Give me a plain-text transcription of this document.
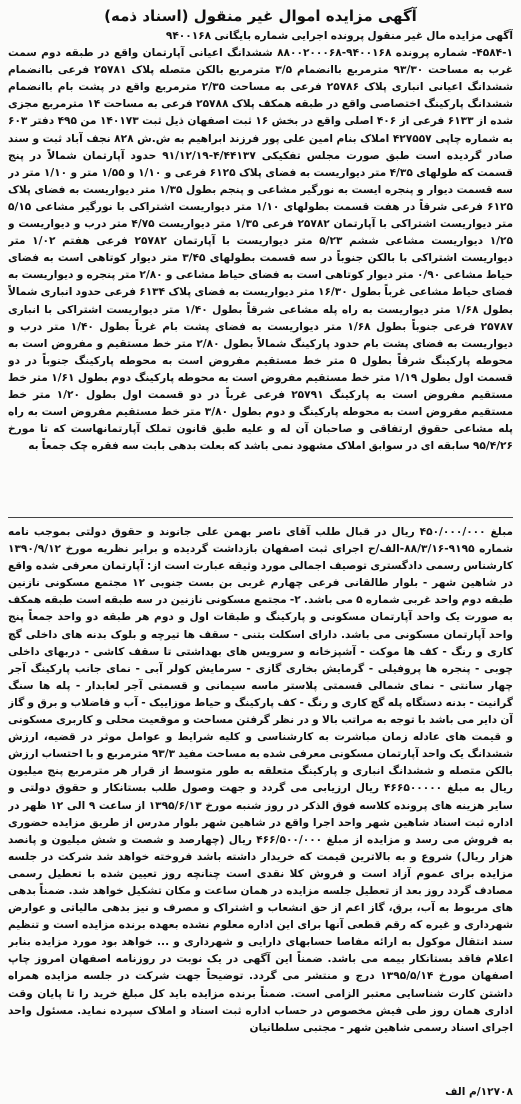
آگهی مزایده اموال غیر منقول (اسناد ذمه)
آگهی مزایده مال غیر منقول پرونده اجرایی شماره بایگانی ۹۴۰۰۱۶۸
۴۵۸۴-۱- شماره پرونده ۹۴۰۰۱۶۸-۸۸۰۰۲۰۰۰۶۸ ششدانگ اعیانی آپارتمان واقع در طبقه دوم سمت غرب به مساحت ۹۳/۳۰ مترمربع باانضمام ۳/۵ مترمربع بالکن متصله پلاک ۲۵۷۸۱ فرعی باانضمام ششدانگ اعیانی انباری پلاک ۲۵۷۸۶ فرعی به مساحت ۲/۳۵ مترمربع واقع در پشت بام باانضمام ششدانگ پارکینگ اختصاصی واقع در طبقه همکف پلاک ۲۵۷۸۸ فرعی به مساحت ۱۴ مترمربع مجزی شده از ۶۱۳۳ فرعی از ۴۰۶ اصلی واقع در بخش ۱۶ ثبت اصفهان ذیل ثبت ۱۴۰۱۷۳ من ۴۹۵ دفتر ۶۰۳ به شماره چاپی ۴۲۷۵۵۷ املاک بنام امین علی پور فرزند ابراهیم به ش.ش ۸۲۸ نجف آباد ثبت و سند صادر گردیده است طبق صورت مجلس تفکیکی ۴/۴۴۱۳۷-۹۱/۱۲/۱۹ حدود آپارتمان شمالاً در پنج قسمت که طولهای ۴/۳۵ متر دیواریست به فضای پلاک ۶۱۲۵ فرعی و ۱/۱۰ و ۱/۵۵ متر و ۱/۱۰ متر در سه قسمت دیوار و پنجره ایست به نورگیر مشاعی و پنجم بطول ۱/۳۵ متر دیواریست به فضای پلاک ۶۱۲۵ فرعی شرقاً در هفت قسمت بطولهای ۱/۱۰ متر دیواریست اشتراکی با نورگیر مشاعی ۵/۱۵ متر دیواریست اشتراکی با آپارتمان ۲۵۷۸۲ فرعی ۱/۳۵ متر دیواریست ۴/۷۵ متر درب و دیواریست و ۱/۲۵ دیواریست مشاعی ششم ۵/۲۳ متر دیواریست با آپارتمان ۲۵۷۸۲ فرعی هفتم ۱/۰۲ متر دیواریست اشتراکی با بالکن جنوباً در سه قسمت بطولهای ۳/۴۵ متر دیوار کوتاهی است به فضای حیاط مشاعی ۰/۹۰ متر دیوار کوتاهی است به فضای حیاط مشاعی و ۲/۸۰ متر پنجره و دیواریست به فضای حیاط مشاعی غرباً بطول ۱۶/۳۰ متر دیواریست به فضای پلاک ۶۱۳۴ فرعی حدود انباری شمالاً بطول ۱/۶۸ متر دیواریست به راه پله مشاعی شرقاً بطول ۱/۴۰ متر دیواریست اشتراکی با انباری ۲۵۷۸۷ فرعی جنوباً بطول ۱/۶۸ متر دیواریست به فضای پشت بام غرباً بطول ۱/۴۰ متر درب و دیواریست به فضای پشت بام حدود پارکینگ شمالاً بطول ۲/۸۰ متر خط مستقیم و مفروض است به محوطه پارکینگ شرقاً بطول ۵ متر خط مستقیم مفروض است به محوطه پارکینگ جنوباً در دو قسمت اول بطول ۱/۱۹ متر خط مستقیم مفروض است به محوطه پارکینگ دوم بطول ۱/۶۱ متر خط مستقیم مفروض است به پارکینگ ۲۵۷۹۱ فرعی غرباً در دو قسمت اول بطول ۱/۲۰ متر خط مستقیم مفروض است به محوطه پارکینگ و دوم بطول ۳/۸۰ متر خط مستقیم مفروض است به راه پله مشاعی حقوق ارتفاقی و صاحبان آن له و علیه طبق قانون تملک آپارتمانهاست که تا مورخ ۹۵/۴/۲۶ سابقه ای در سوابق املاک مشهود نمی باشد که بعلت بدهی بابت سه فقره چک جمعاً به
مبلغ ۴۵۰/۰۰۰/۰۰۰ ریال در قبال طلب آقای ناصر بهمن علی جانوند و حقوق دولتی بموجب نامه شماره ۹۱۹۵-۸۸/۳/۱۶-الف/ح اجرای ثبت اصفهان بازداشت گردیده و برابر نظریه مورخ ۱۳۹۰/۹/۱۲ کارشناس رسمی دادگستری توصیف اجمالی مورد وثیقه عبارت است از: آپارتمان معرفی شده واقع در شاهین شهر - بلوار طالقانی فرعی چهارم غربی بن بست جنوبی ۱۲ مجتمع مسکونی نازنین طبقه دوم واحد غربی شماره ۵ می باشد. ۲- مجتمع مسکونی نازنین در سه طبقه است طبقه همکف به صورت یک واحد آپارتمان مسکونی و پارکینگ و طبقات اول و دوم هر طبقه دو واحد جمعاً پنج واحد آپارتمان مسکونی می باشد. دارای اسکلت بتنی - سقف ها تیرچه و بلوک بدنه های داخلی گچ کاری و رنگ - کف ها موکت - آشپزخانه و سرویس های بهداشتی تا سقف کاشی - دربهای داخلی چوبی - پنجره ها پروفیلی - گرمایش بخاری گازی - سرمایش کولر آبی - نمای جانب پارکینگ آجر چهار سانتی - نمای شمالی قسمتی پلاستر ماسه سیمانی و قسمتی آجر لعابدار - پله ها سنگ گرانیت - بدنه دستگاه پله گچ کاری و رنگ - کف پارکینگ و حیاط موزاییک - آب و فاضلاب و برق و گاز آن دایر می باشد با توجه به مراتب بالا و در نظر گرفتن مساحت و موقعیت محلی و کاربری مسکونی و قیمت های عادله زمان مباشرت به کارشناسی و کلیه شرایط و عوامل موثر در قضیه، ارزش ششدانگ یک واحد آپارتمان مسکونی معرفی شده به مساحت مفید ۹۳/۳ مترمربع و با احتساب ارزش بالکن متصله و ششدانگ انباری و پارکینگ متعلقه به طور متوسط از قرار هر مترمربع پنج میلیون ریال به مبلغ ۴۶۶۵۰۰۰۰۰ ریال ارزیابی می گردد و جهت وصول طلب بستانکار و حقوق دولتی و سایر هزینه های پرونده کلاسه فوق الذکر در روز شنبه مورخ ۱۳۹۵/۶/۱۳ از ساعت ۹ الی ۱۲ ظهر در اداره ثبت اسناد شاهین شهر واحد اجرا واقع در شاهین شهر بلوار مدرس از طریق مزایده حضوری به فروش می رسد و مزایده از مبلغ ۴۶۶/۵۰۰/۰۰۰ ریال (چهارصد و شصت و شش میلیون و پانصد هزار ریال) شروع و به بالاترین قیمت که خریدار داشته باشد فروخته خواهد شد شرکت در جلسه مزایده برای عموم آزاد است و فروش کلا نقدی است چنانچه روز تعیین شده با تعطیل رسمی مصادف گردد روز بعد از تعطیل جلسه مزایده در همان ساعت و مکان تشکیل خواهد شد. ضمناً بدهی های مربوط به آب، برق، گاز اعم از حق انشعاب و اشتراک و مصرف و نیز بدهی مالیاتی و عوارض شهرداری و غیره که رقم قطعی آنها برای این اداره معلوم نشده بعهده برنده مزایده است و تنظیم سند انتقال موکول به ارائه مفاصا حسابهای دارایی و شهرداری و ... خواهد بود مورد مزایده بنابر اعلام فاقد بستانکار بیمه می باشد. ضمناً این آگهی در یک نوبت در روزنامه اصفهان امروز چاپ اصفهان مورخ ۱۳۹۵/۵/۱۴ درج و منتشر می گردد. توضیحاً جهت شرکت در جلسه مزایده همراه داشتن کارت شناسایی معتبر الزامی است. ضمناً برنده مزایده باید کل مبلغ خرید را تا پایان وقت اداری همان روز طی فیش مخصوص در حساب اداره ثبت اسناد و املاک سپرده نماید. مسئول واحد اجرای اسناد رسمی شاهین شهر - مجتبی سلطانیان
۱۲۷۰۸/م الف
